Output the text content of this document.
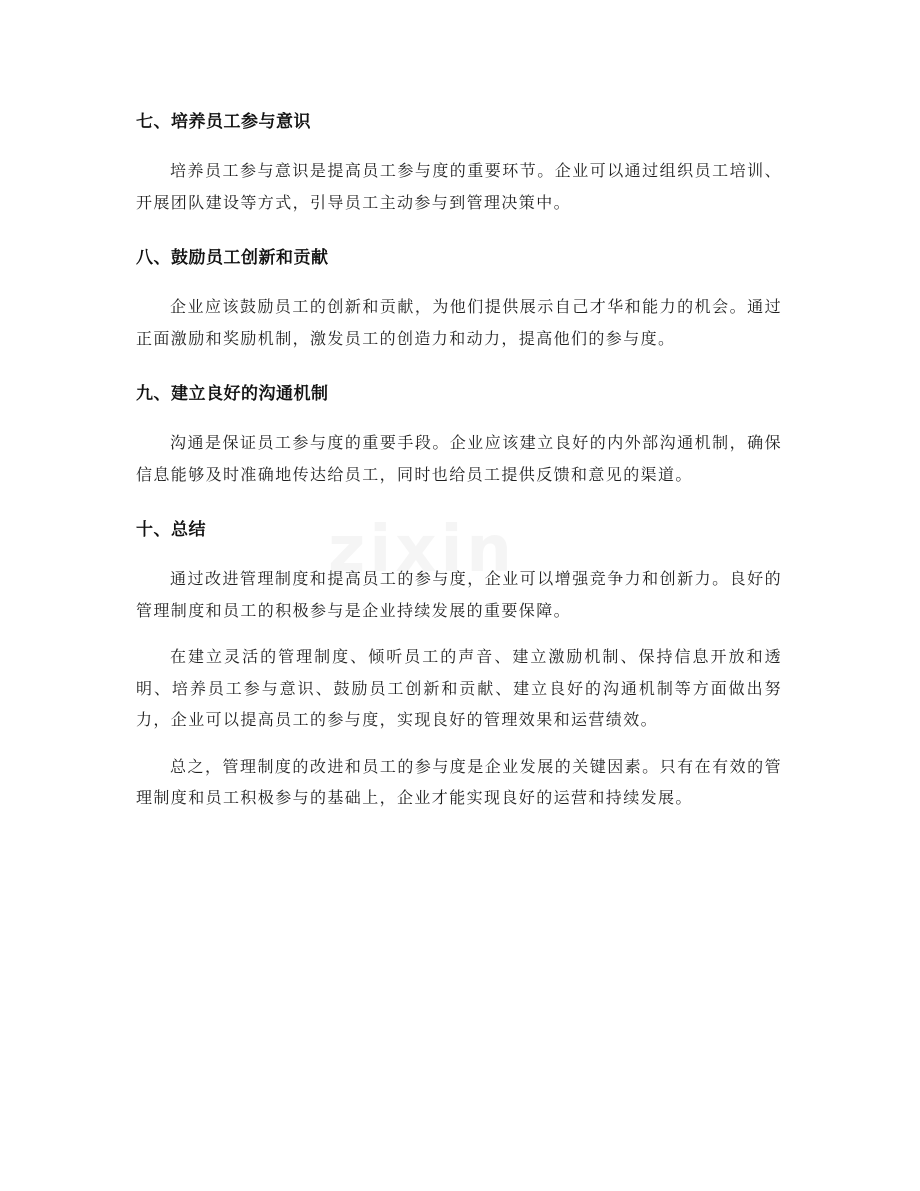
七、培养员工参与意识

培养员工参与意识是提高员工参与度的重要环节。企业可以通过组织员工培训、开展团队建设等方式，引导员工主动参与到管理决策中。

八、鼓励员工创新和贡献

企业应该鼓励员工的创新和贡献，为他们提供展示自己才华和能力的机会。通过正面激励和奖励机制，激发员工的创造力和动力，提高他们的参与度。

九、建立良好的沟通机制

沟通是保证员工参与度的重要手段。企业应该建立良好的内外部沟通机制，确保信息能够及时准确地传达给员工，同时也给员工提供反馈和意见的渠道。

十、总结

通过改进管理制度和提高员工的参与度，企业可以增强竞争力和创新力。良好的管理制度和员工的积极参与是企业持续发展的重要保障。

在建立灵活的管理制度、倾听员工的声音、建立激励机制、保持信息开放和透明、培养员工参与意识、鼓励员工创新和贡献、建立良好的沟通机制等方面做出努力，企业可以提高员工的参与度，实现良好的管理效果和运营绩效。

总之，管理制度的改进和员工的参与度是企业发展的关键因素。只有在有效的管理制度和员工积极参与的基础上，企业才能实现良好的运营和持续发展。

zixin
